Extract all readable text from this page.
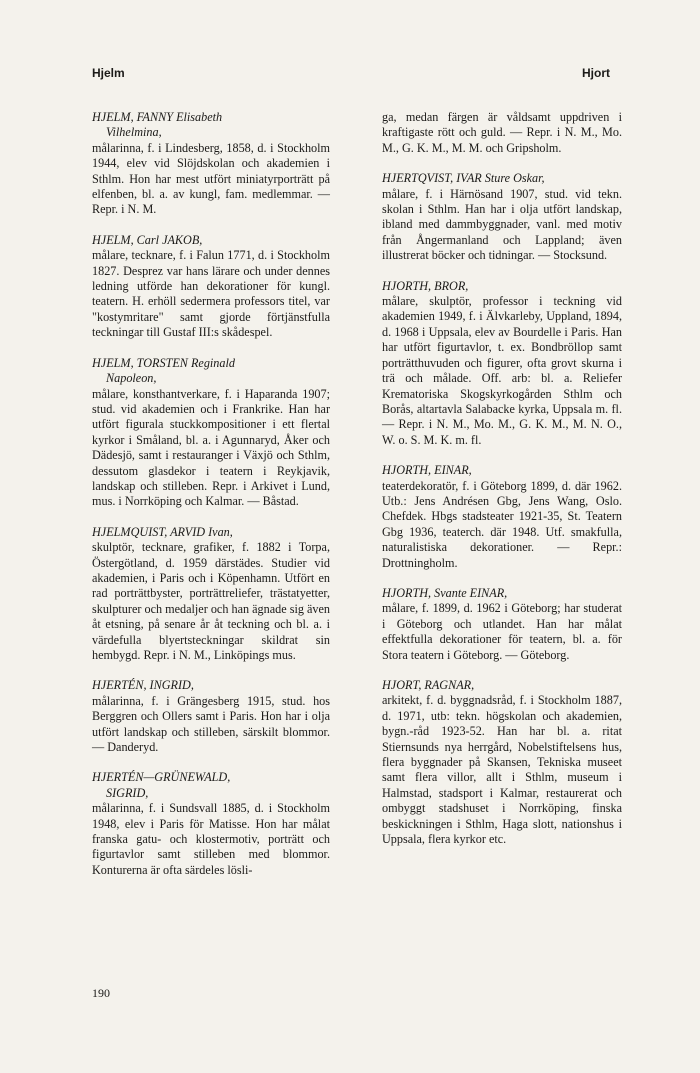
Hjelm	Hjort
HJELM, FANNY Elisabeth
Vilhelmina,
målarinna, f. i Lindesberg, 1858, d. i Stockholm 1944, elev vid Slöjdskolan och akademien i Sthlm. Hon har mest utfört miniatyrporträtt på elfenben, bl. a. av kungl, fam. medlemmar. — Repr. i N. M.
HJELM, Carl JAKOB,
målare, tecknare, f. i Falun 1771, d. i Stockholm 1827. Desprez var hans lärare och under dennes ledning utförde han dekorationer för kungl. teatern. H. erhöll sedermera professors titel, var "kostymritare" samt gjorde förtjänstfulla teckningar till Gustaf III:s skådespel.
HJELM, TORSTEN Reginald
Napoleon,
målare, konsthantverkare, f. i Haparanda 1907; stud. vid akademien och i Frankrike. Han har utfört figurala stuckkompositioner i ett flertal kyrkor i Småland, bl. a. i Agunnaryd, Åker och Dädesjö, samt i restauranger i Växjö och Sthlm, dessutom glasdekor i teatern i Reykjavik, landskap och stilleben. Repr. i Arkivet i Lund, mus. i Norrköping och Kalmar. — Båstad.
HJELMQUIST, ARVID Ivan,
skulptör, tecknare, grafiker, f. 1882 i Torpa, Östergötland, d. 1959 därstädes. Studier vid akademien, i Paris och i Köpenhamn. Utfört en rad porträttbyster, porträttreliefer, trästatyetter, skulpturer och medaljer och han ägnade sig även åt etsning, på senare år åt teckning och bl. a. i värdefulla blyertsteckningar skildrat sin hembygd. Repr. i N. M., Linköpings mus.
HJERTÉN, INGRID,
målarinna, f. i Grängesberg 1915, stud. hos Berggren och Ollers samt i Paris. Hon har i olja utfört landskap och stilleben, särskilt blommor. — Danderyd.
HJERTÉN—GRÜNEWALD,
SIGRID,
målarinna, f. i Sundsvall 1885, d. i Stockholm 1948, elev i Paris för Matisse. Hon har målat franska gatu- och klostermotiv, porträtt och figurtavlor samt stilleben med blommor. Konturerna är ofta särdeles lösli-
ga, medan färgen är våldsamt uppdriven i kraftigaste rött och guld. — Repr. i N. M., Mo. M., G. K. M., M. M. och Gripsholm.
HJERTQVIST, IVAR Sture Oskar,
målare, f. i Härnösand 1907, stud. vid tekn. skolan i Sthlm. Han har i olja utfört landskap, ibland med dammbyggnader, vanl. med motiv från Ångermanland och Lappland; även illustrerat böcker och tidningar. — Stocksund.
HJORTH, BROR,
målare, skulptör, professor i teckning vid akademien 1949, f. i Älvkarleby, Uppland, 1894, d. 1968 i Uppsala, elev av Bourdelle i Paris. Han har utfört figurtavlor, t. ex. Bondbröllop samt porträtthuvuden och figurer, ofta grovt skurna i trä och målade. Off. arb: bl. a. Reliefer Krematoriska Skogskyrkogården Sthlm och Borås, altartavla Salabacke kyrka, Uppsala m. fl. — Repr. i N. M., Mo. M., G. K. M., M. N. O., W. o. S. M. K. m. fl.
HJORTH, EINAR,
teaterdekoratör, f. i Göteborg 1899, d. där 1962. Utb.: Jens Andrésen Gbg, Jens Wang, Oslo. Chefdek. Hbgs stadsteater 1921-35, St. Teatern Gbg 1936, teaterch. där 1948. Utf. smakfulla, naturalistiska dekorationer. — Repr.: Drottningholm.
HJORTH, Svante EINAR,
målare, f. 1899, d. 1962 i Göteborg; har studerat i Göteborg och utlandet. Han har målat effektfulla dekorationer för teatern, bl. a. för Stora teatern i Göteborg. — Göteborg.
HJORT, RAGNAR,
arkitekt, f. d. byggnadsråd, f. i Stockholm 1887, d. 1971, utb: tekn. högskolan och akademien, bygn.-råd 1923-52. Han har bl. a. ritat Stiernsunds nya herrgård, Nobelstiftelsens hus, flera byggnader på Skansen, Tekniska museet samt flera villor, allt i Sthlm, museum i Halmstad, stadsport i Kalmar, restaurerat och ombyggt stadshuset i Norrköping, finska beskickningen i Sthlm, Haga slott, nationshus i Uppsala, flera kyrkor etc.
190
